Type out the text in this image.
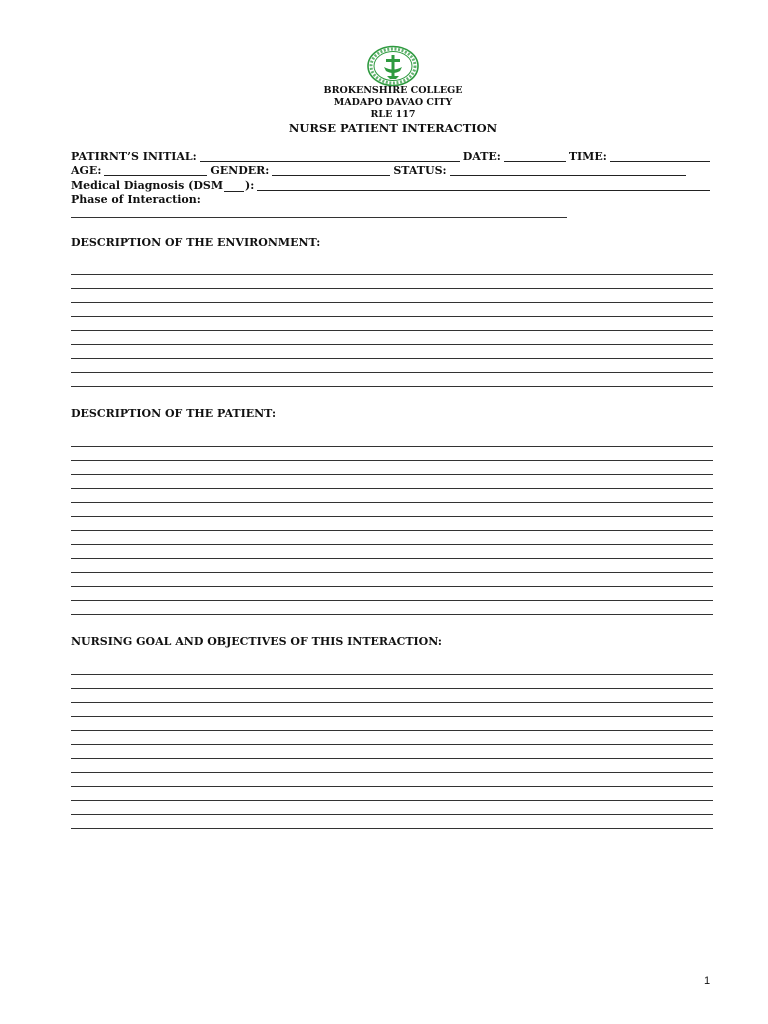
BROKENSHIRE COLLEGE
MADAPO DAVAO CITY
RLE 117
NURSE PATIENT INTERACTION
PATIRNT’S INITIAL:	DATE:	TIME:
AGE:	GENDER:	STATUS:
Medical Diagnosis (DSM ):
Phase of Interaction:
DESCRIPTION OF THE ENVIRONMENT:
DESCRIPTION OF THE PATIENT:
NURSING GOAL AND OBJECTIVES OF THIS INTERACTION:
1
